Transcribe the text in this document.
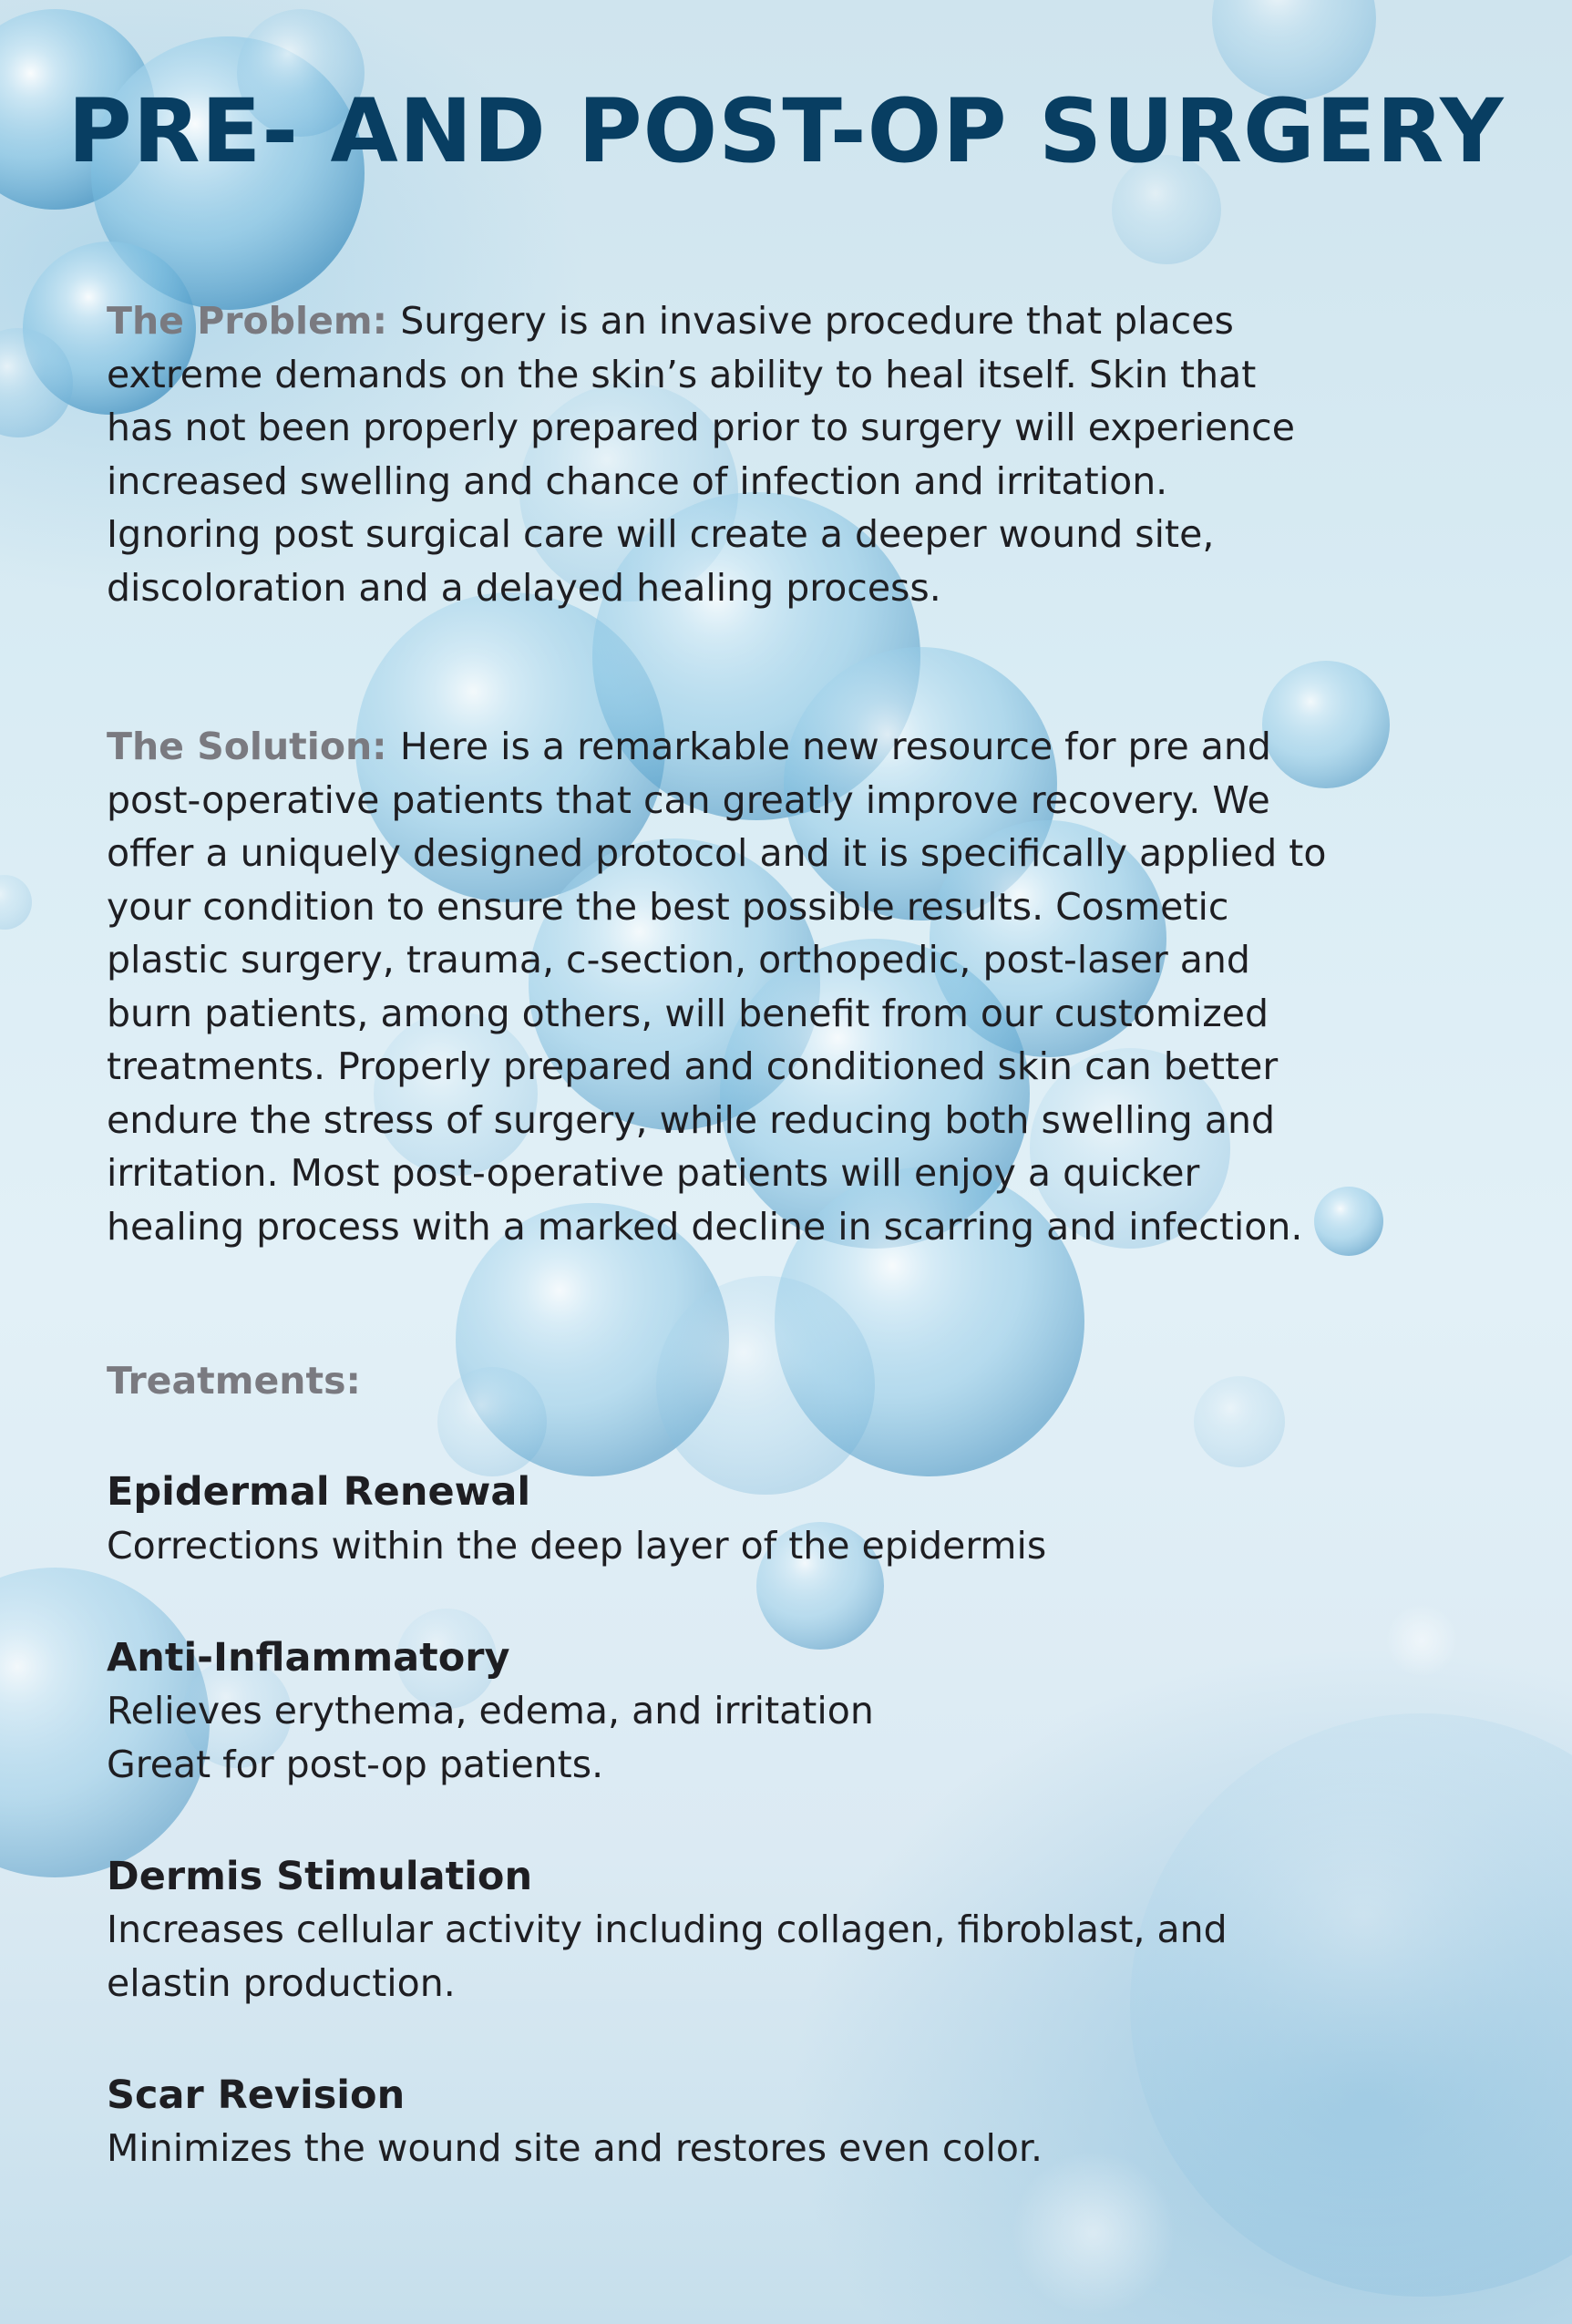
PRE- AND POST-OP SURGERY

The Problem: Surgery is an invasive procedure that places extreme demands on the skin’s ability to heal itself. Skin that has not been properly prepared prior to surgery will experience increased swelling and chance of infection and irritation. Ignoring post surgical care will create a deeper wound site, discoloration and a delayed healing process.

The Solution: Here is a remarkable new resource for pre and post-operative patients that can greatly improve recovery. We offer a uniquely designed protocol and it is specifically applied to your condition to ensure the best possible results. Cosmetic plastic surgery, trauma, c-section, orthopedic, post-laser and burn patients, among others, will benefit from our customized treatments. Properly prepared and conditioned skin can better endure the stress of surgery, while reducing both swelling and irritation. Most post-operative patients will enjoy a quicker healing process with a marked decline in scarring and infection.

Treatments:
Epidermal Renewal

Corrections within the deep layer of the epidermis

Anti-Inflammatory

Relieves erythema, edema, and irritation
Great for post-op patients.

Dermis Stimulation

Increases cellular activity including collagen, fibroblast, and elastin production.

Scar Revision

Minimizes the wound site and restores even color.
